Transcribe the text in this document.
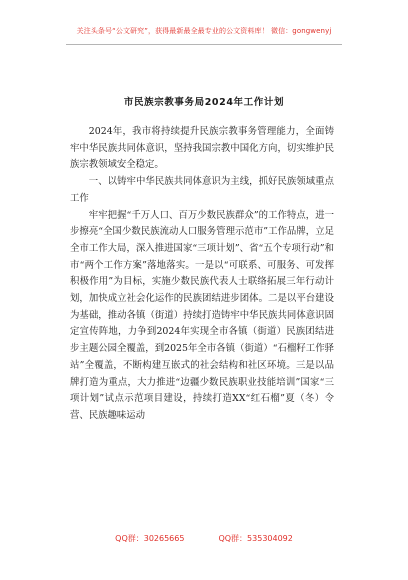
关注头条号“公文研究”，获得最新最全最专业的公文资料库！ 微信：gongwenyj
市民族宗教事务局2024年工作计划

2024年，我市将持续提升民族宗教事务管理能力，全面铸牢中华民族共同体意识，坚持我国宗教中国化方向，切实维护民族宗教领域安全稳定。

一、以铸牢中华民族共同体意识为主线，抓好民族领域重点工作

牢牢把握“千万人口、百万少数民族群众”的工作特点，进一步擦亮“全国少数民族流动人口服务管理示范市”工作品牌，立足全市工作大局，深入推进国家“三项计划”、省“五个专项行动”和市“两个工作方案”落地落实。一是以“可联系、可服务、可发挥积极作用”为目标，实施少数民族代表人士联络拓展三年行动计划，加快成立社会化运作的民族团结进步团体。二是以平台建设为基础，推动各镇（街道）持续打造铸牢中华民族共同体意识固定宣传阵地，力争到2024年实现全市各镇（街道）民族团结进步主题公园全覆盖，到2025年全市各镇（街道）“石榴籽工作驿站”全覆盖，不断构建互嵌式的社会结构和社区环境。三是以品牌打造为重点，大力推进“边疆少数民族职业技能培训”国家“三项计划”试点示范项目建设，持续打造XX“红石榴”夏（冬）令营、民族趣味运动

QQ群：30265665	QQ群：535304092
